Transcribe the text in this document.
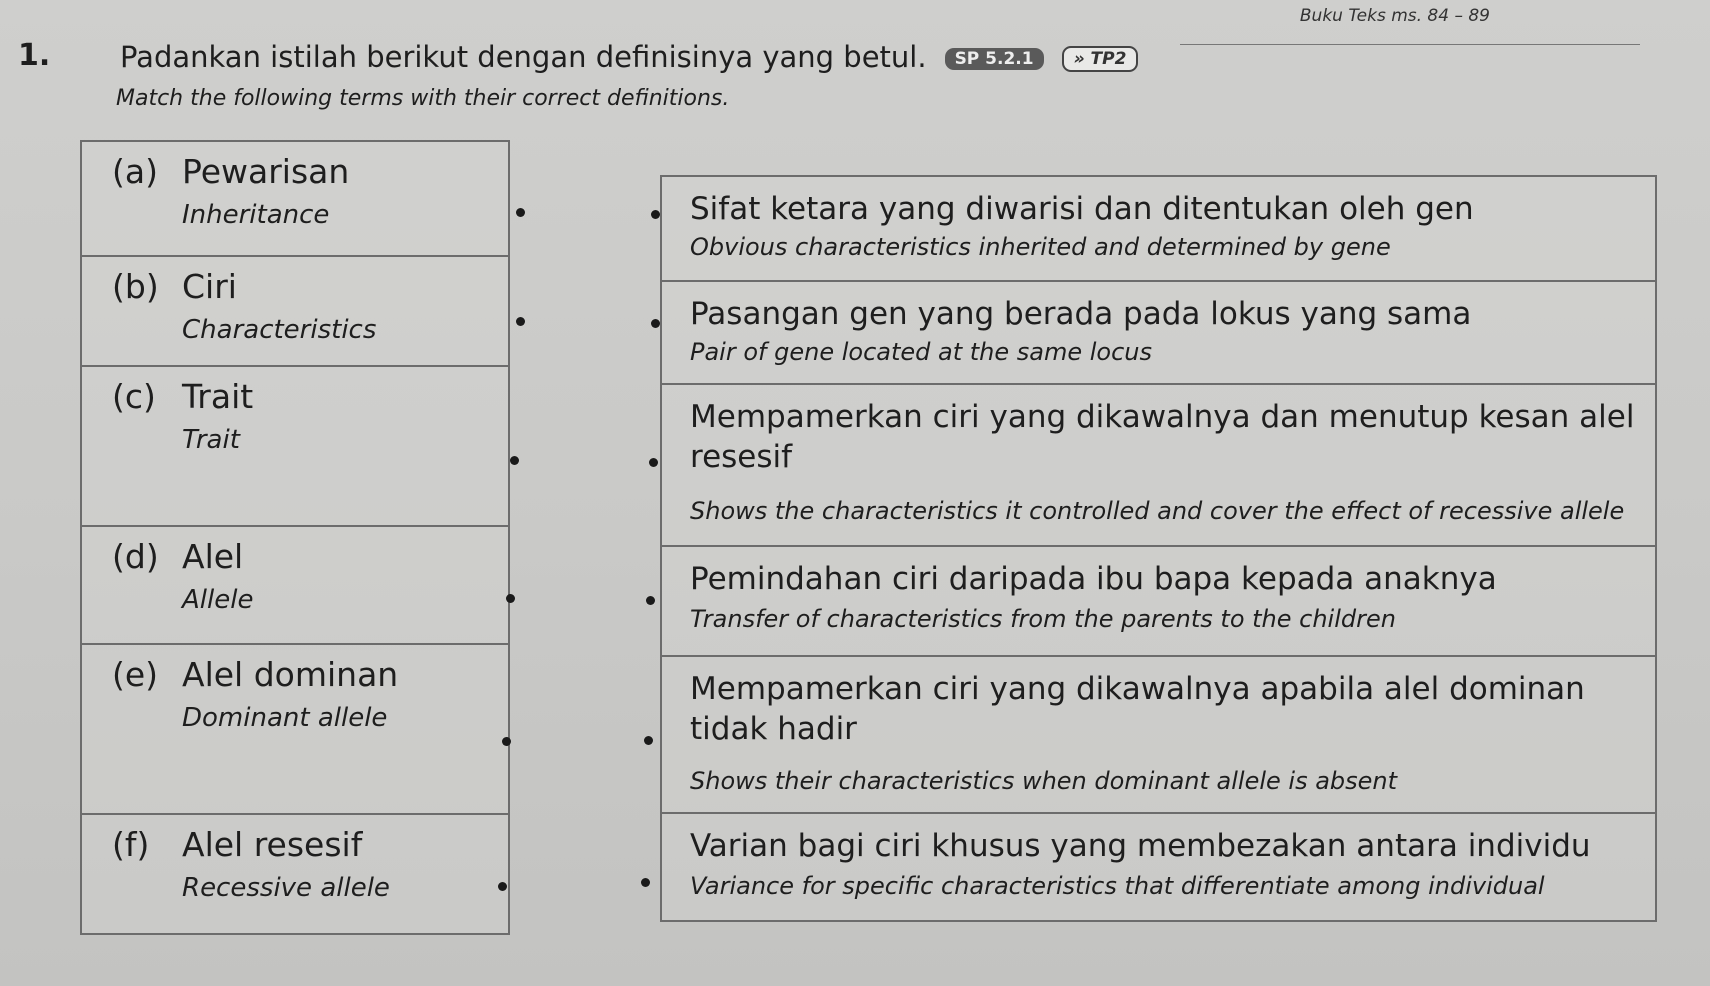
Buku Teks ms. 84 – 89
1. Padankan istilah berikut dengan definisinya yang betul. SP 5.2.1 » TP2
Match the following terms with their correct definitions.
(a) Pewarisan
Inheritance
(b) Ciri
Characteristics
(c) Trait
Trait
(d) Alel
Allele
(e) Alel dominan
Dominant allele
(f) Alel resesif
Recessive allele
Sifat ketara yang diwarisi dan ditentukan oleh gen
Obvious characteristics inherited and determined by gene
Pasangan gen yang berada pada lokus yang sama
Pair of gene located at the same locus
Mempamerkan ciri yang dikawalnya dan menutup kesan alel resesif
Shows the characteristics it controlled and cover the effect of recessive allele
Pemindahan ciri daripada ibu bapa kepada anaknya
Transfer of characteristics from the parents to the children
Mempamerkan ciri yang dikawalnya apabila alel dominan tidak hadir
Shows their characteristics when dominant allele is absent
Varian bagi ciri khusus yang membezakan antara individu
Variance for specific characteristics that differentiate among individual
